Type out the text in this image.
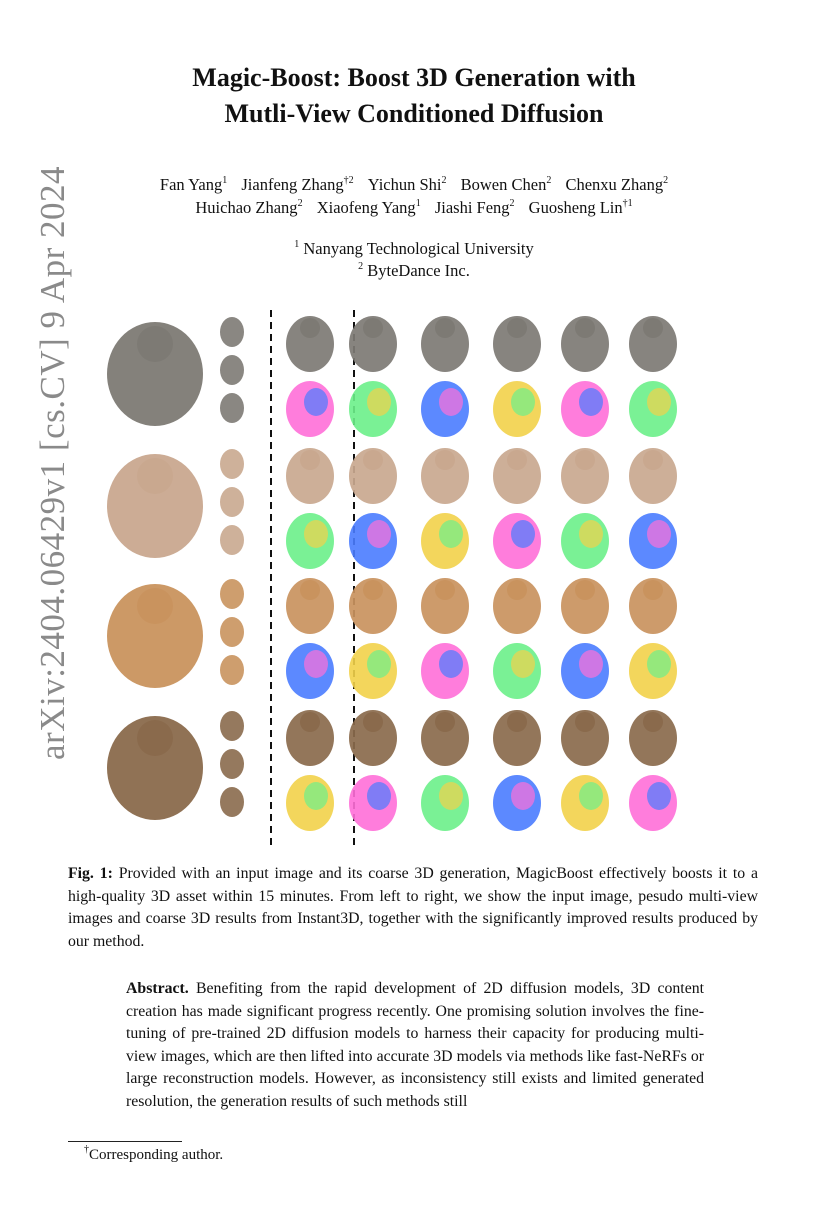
arXiv:2404.06429v1 [cs.CV] 9 Apr 2024
Magic-Boost: Boost 3D Generation with
Mutli-View Conditioned Diffusion
Fan Yang$^1$ Jianfeng Zhang$^{\dagger 2}$ Yichun Shi$^2$ Bowen Chen$^2$ Chenxu Zhang$^2$
Huichao Zhang$^2$ Xiaofeng Yang$^1$ Jiashi Feng$^2$ Guosheng Lin$^{\dagger 1}$
$^1$ Nanyang Technological University
$^2$ ByteDance Inc.
Fig. 1: Provided with an input image and its coarse 3D generation, MagicBoost effectively boosts it to a high-quality 3D asset within 15 minutes. From left to right, we show the input image, pesudo multi-view images and coarse 3D results from Instant3D, together with the significantly improved results produced by our method.
Abstract. Benefiting from the rapid development of 2D diffusion models, 3D content creation has made significant progress recently. One promising solution involves the fine-tuning of pre-trained 2D diffusion models to harness their capacity for producing multi-view images, which are then lifted into accurate 3D models via methods like fast-NeRFs or large reconstruction models. However, as inconsistency still exists and limited generated resolution, the generation results of such methods still
†Corresponding author.
